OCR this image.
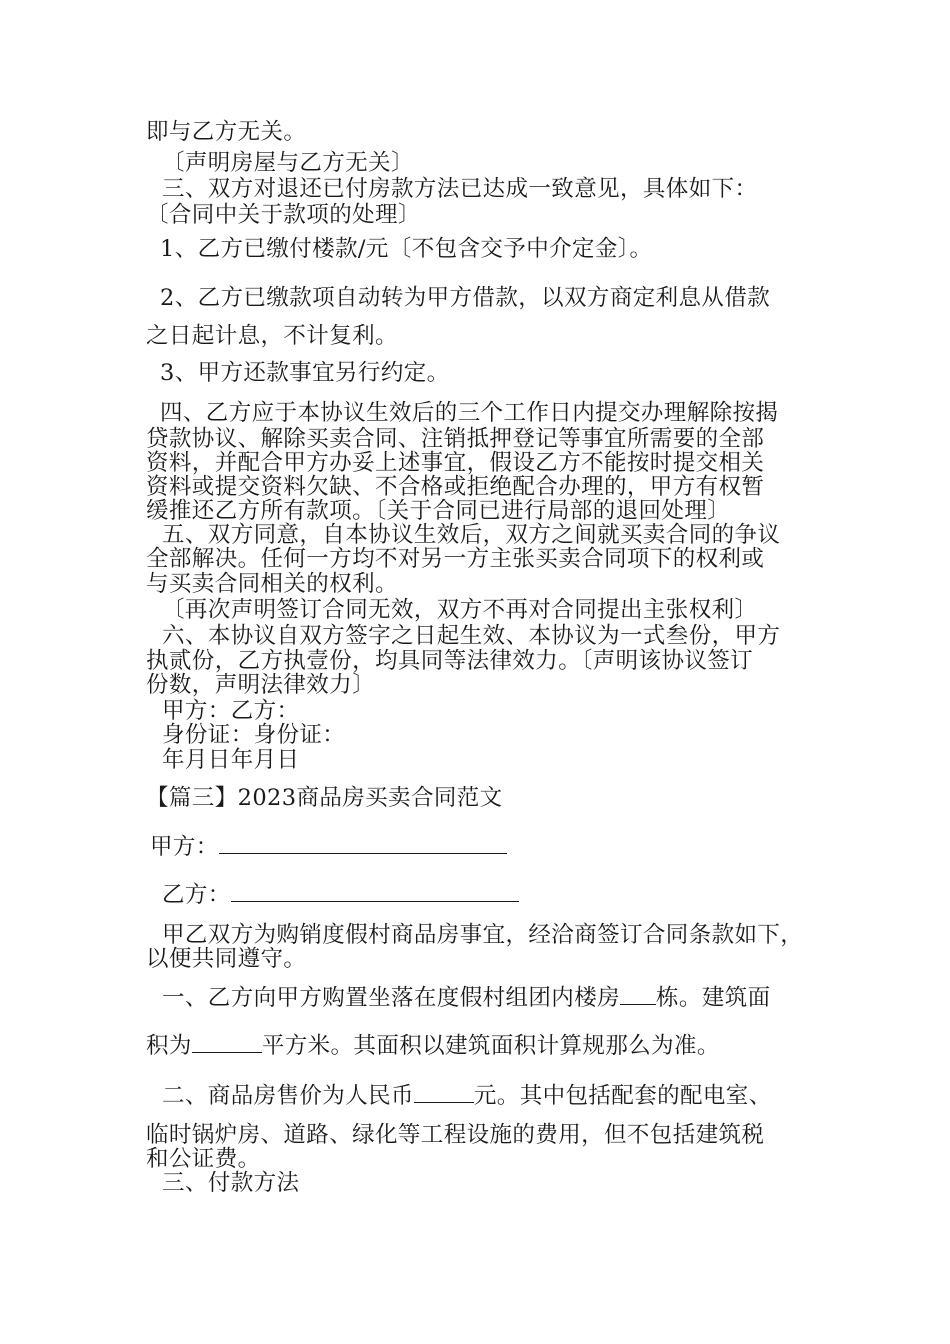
即与乙方无关。
〔声明房屋与乙方无关〕
三、双方对退还已付房款方法已达成一致意见，具体如下：
〔合同中关于款项的处理〕
1、乙方已缴付楼款/元〔不包含交予中介定金〕。
2、乙方已缴款项自动转为甲方借款，以双方商定利息从借款
之日起计息，不计复利。
3、甲方还款事宜另行约定。
四、乙方应于本协议生效后的三个工作日内提交办理解除按揭
贷款协议、解除买卖合同、注销抵押登记等事宜所需要的全部
资料，并配合甲方办妥上述事宜，假设乙方不能按时提交相关
资料或提交资料欠缺、不合格或拒绝配合办理的，甲方有权暂
缓推还乙方所有款项。〔关于合同已进行局部的退回处理〕
五、双方同意，自本协议生效后，双方之间就买卖合同的争议
全部解决。任何一方均不对另一方主张买卖合同项下的权利或
与买卖合同相关的权利。
〔再次声明签订合同无效，双方不再对合同提出主张权利〕
六、本协议自双方签字之日起生效、本协议为一式叁份，甲方
执贰份，乙方执壹份，均具同等法律效力。〔声明该协议签订
份数，声明法律效力〕
甲方：乙方：
身份证：身份证：
年月日年月日
【篇三】2023商品房买卖合同范文
甲方：
乙方：
甲乙双方为购销度假村商品房事宜，经洽商签订合同条款如下，
以便共同遵守。
一、乙方向甲方购置坐落在度假村组团内楼房 栋。建筑面
积为	平方米。其面积以建筑面积计算规那么为准。
二、商品房售价为人民币	元。其中包括配套的配电室、
临时锅炉房、道路、绿化等工程设施的费用，但不包括建筑税
和公证费。
三、付款方法
